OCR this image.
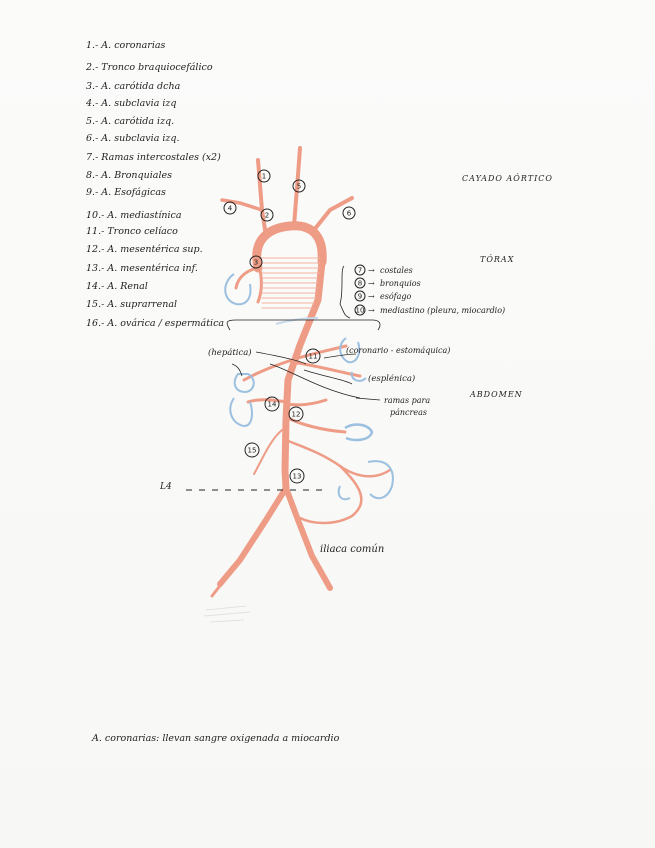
1.- A. coronarias
2.- Tronco braquiocefálico
3.- A. carótida dcha
4.- A. subclavia izq
5.- A. carótida izq.
6.- A. subclavia izq.
7.- Ramas intercostales (x2)
8.- A. Bronquiales
9.- A. Esofágicas
10.- A. mediastínica
11.- Tronco celíaco
12.- A. mesentérica sup.
13.- A. mesentérica inf.
14.- A. Renal
15.- A. suprarrenal
16.- A. ovárica / espermática
1
5
4
2	6
3
11
14
12
15
13
CAYADO AÓRTICO
TÓRAX
ABDOMEN
7 → costales
8 → bronquios
9 → esófago
10 → mediastino (pleura, miocardio)
(hepática)	(coronario - estomáquica)
(esplénica)
ramas para
páncreas
L4
iliaca común
A. coronarias: llevan sangre oxigenada a miocardio
